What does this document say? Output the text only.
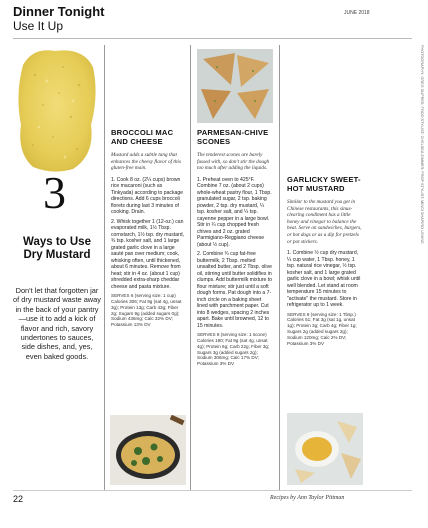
Dinner Tonight
Use It Up
JUNE 2018
3
Ways to Use Dry Mustard
Don't let that forgotten jar of dry mustard waste away in the back of your pantry—use it to add a kick of flavor and rich, savory undertones to sauces, side dishes, and, yes, even baked goods.
BROCCOLI MAC AND CHEESE
Mustard adds a subtle tang that enhances the cheesy flavor of this gluten-free main.

1. Cook 8 oz. (2¼ cups) brown rice macaroni (such as Tinkyada) according to package directions. Add 6 cups broccoli florets during last 3 minutes of cooking. Drain.

2. Whisk together 1 (12-oz.) can evaporated milk, 1½ Tbsp. cornstarch, 1½ tsp. dry mustard, ¾ tsp. kosher salt, and 1 large grated garlic clove in a large sauté pan over medium; cook, whisking often, until thickened, about 6 minutes. Remove from heat; stir in 4 oz. (about 1 cup) shredded extra-sharp cheddar cheese and pasta mixture.

SERVES 6 (serving size: 1 cup) Calories 306; Fat 9g (sat 4g, unsat 3g); Protein 13g; Carb 43g; Fiber 2g; Sugars 9g (added sugars 0g); Sodium 436mg; Calc 32% DV; Potassium 13% DV
PARMESAN-CHIVE SCONES
The tenderest scones are barely fussed with, so don't stir the dough too much after adding the liquids.

1. Preheat oven to 425°F. Combine 7 oz. (about 2 cups) whole-wheat pastry flour, 1 Tbsp. granulated sugar, 2 tsp. baking powder, 2 tsp. dry mustard, ¼ tsp. kosher salt, and ¼ tsp. cayenne pepper in a large bowl. Stir in ¼ cup chopped fresh chives and 2 oz. grated Parmigiano-Reggiano cheese (about ½ cup).

2. Combine ¾ cup fat-free buttermilk, 2 Tbsp. melted unsalted butter, and 2 Tbsp. olive oil, stirring until butter solidifies in clumps. Add buttermilk mixture to flour mixture; stir just until a soft dough forms. Pat dough into a 7-inch circle on a baking sheet lined with parchment paper. Cut into 8 wedges, spacing 2 inches apart. Bake until browned, 12 to 15 minutes.

SERVES 8 (serving size: 1 scone) Calories 190; Fat 9g (sat 4g, unsat 4g); Protein 6g; Carb 22g; Fiber 3g; Sugars 3g (added sugars 2g); Sodium 306mg; Calc 17% DV; Potassium 3% DV
GARLICKY SWEET-HOT MUSTARD
Similar to the mustard you get in Chinese restaurants, this sinus-clearing condiment has a little honey and vinegar to balance the heat. Serve on sandwiches, burgers, or hot dogs or as a dip for pretzels or pot stickers.

1. Combine ½ cup dry mustard, ¼ cup water, 1 Tbsp. honey, 1 tsp. natural rice vinegar, ½ tsp. kosher salt, and 1 large grated garlic clove in a bowl; whisk until well blended. Let stand at room temperature 15 minutes to "activate" the mustard. Store in refrigerator up to 1 week.

SERVES 8 (serving size: 1 Tbsp.) Calories 51; Fat 3g (sat 1g, unsat 1g); Protein 3g; Carb 4g; Fiber 1g; Sugars 2g (added sugars 2g); Sodium 120mg; Calc 2% DV; Potassium 3% DV
PHOTOGRAPHY: GREG DUPREE; FOOD STYLIST: CHELSEA ZIMMER; PROP STYLIST: MINDI SHAPIRO LEVINE
22	Recipes by Ann Taylor Pittman
